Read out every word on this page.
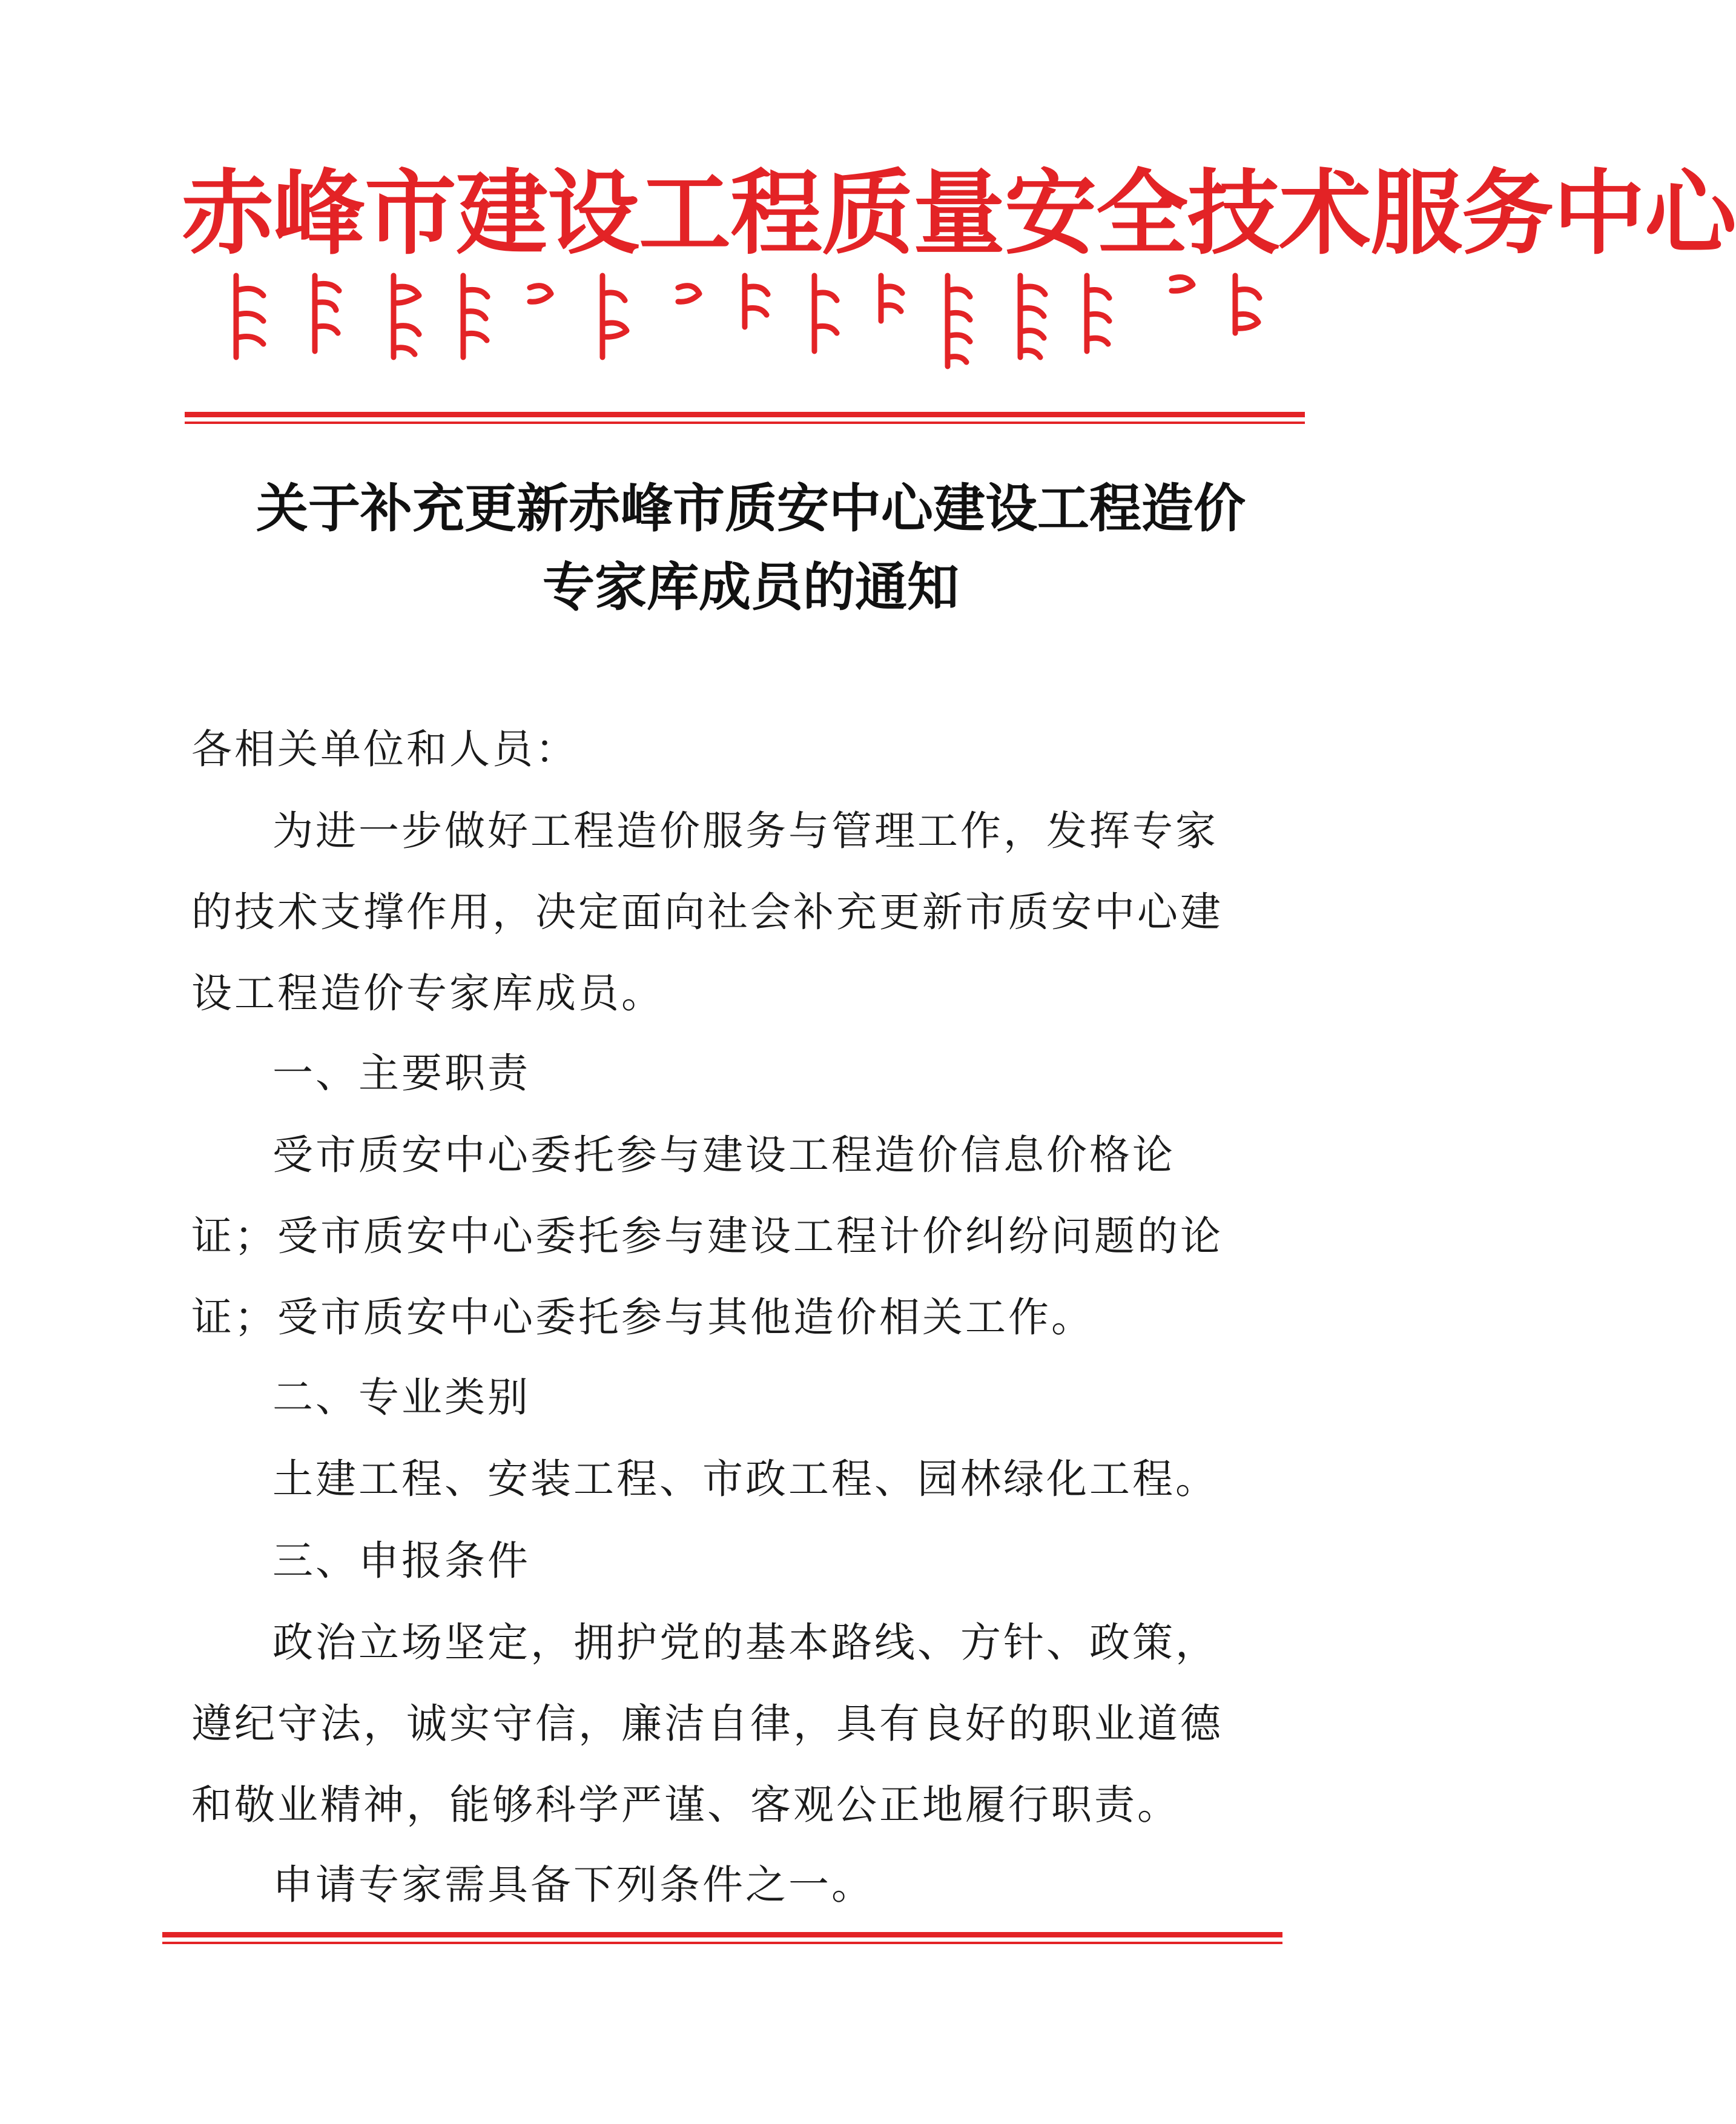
赤峰市建设工程质量安全技术服务中心
关于补充更新赤峰市质安中心建设工程造价
专家库成员的通知

各相关单位和人员：

为进一步做好工程造价服务与管理工作，发挥专家的技术支撑作用，决定面向社会补充更新市质安中心建设工程造价专家库成员。

一、主要职责

受市质安中心委托参与建设工程造价信息价格论证；受市质安中心委托参与建设工程计价纠纷问题的论证；受市质安中心委托参与其他造价相关工作。

二、专业类别

土建工程、安装工程、市政工程、园林绿化工程。

三、申报条件

政治立场坚定，拥护党的基本路线、方针、政策，遵纪守法，诚实守信，廉洁自律，具有良好的职业道德和敬业精神，能够科学严谨、客观公正地履行职责。

申请专家需具备下列条件之一。
